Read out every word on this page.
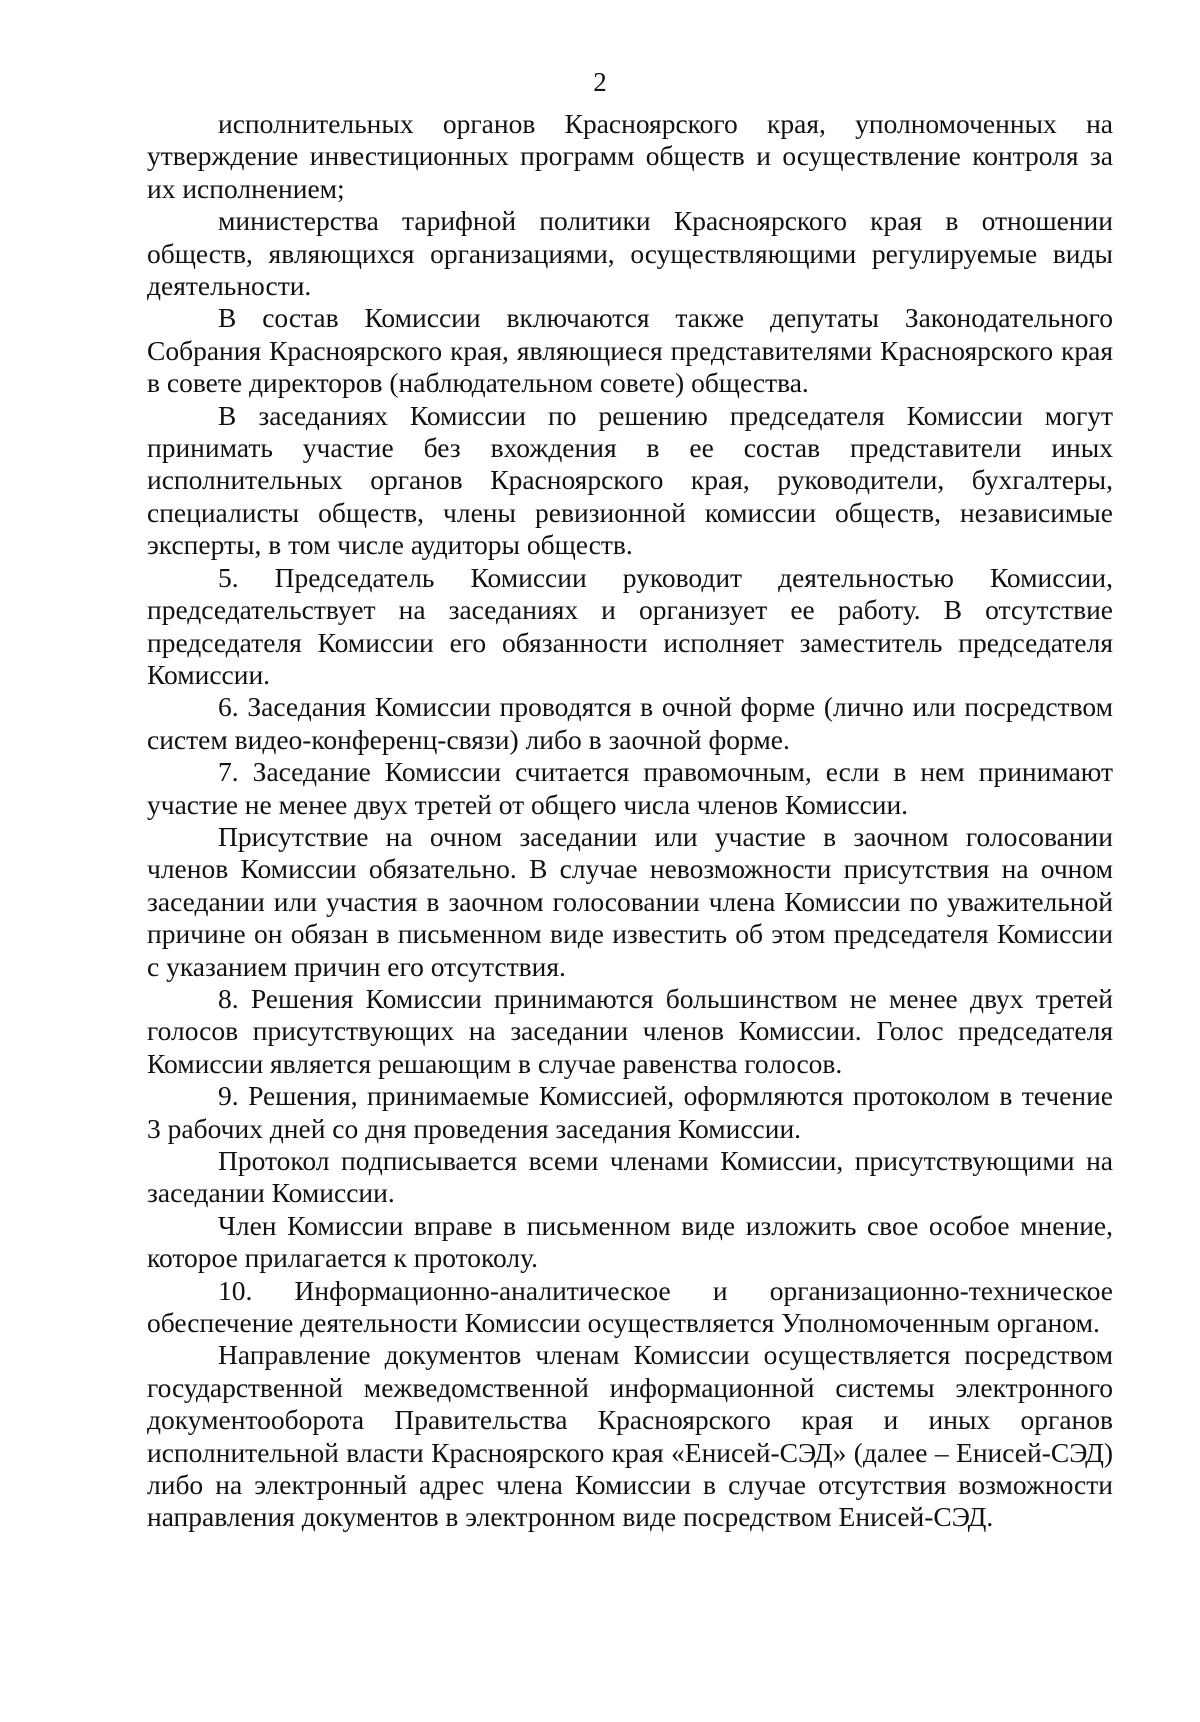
2

исполнительных органов Красноярского края, уполномоченных на утверждение инвестиционных программ обществ и осуществление контроля за их исполнением;

министерства тарифной политики Красноярского края в отношении обществ, являющихся организациями, осуществляющими регулируемые виды деятельности.

В состав Комиссии включаются также депутаты Законодательного Собрания Красноярского края, являющиеся представителями Красноярского края в совете директоров (наблюдательном совете) общества.

В заседаниях Комиссии по решению председателя Комиссии могут принимать участие без вхождения в ее состав представители иных исполнительных органов Красноярского края, руководители, бухгалтеры, специалисты обществ, члены ревизионной комиссии обществ, независимые эксперты, в том числе аудиторы обществ.

5. Председатель Комиссии руководит деятельностью Комиссии, председательствует на заседаниях и организует ее работу. В отсутствие председателя Комиссии его обязанности исполняет заместитель председателя Комиссии.

6. Заседания Комиссии проводятся в очной форме (лично или посредством систем видео-конференц-связи) либо в заочной форме.

7. Заседание Комиссии считается правомочным, если в нем принимают участие не менее двух третей от общего числа членов Комиссии.

Присутствие на очном заседании или участие в заочном голосовании членов Комиссии обязательно. В случае невозможности присутствия на очном заседании или участия в заочном голосовании члена Комиссии по уважительной причине он обязан в письменном виде известить об этом председателя Комиссии с указанием причин его отсутствия.

8. Решения Комиссии принимаются большинством не менее двух третей голосов присутствующих на заседании членов Комиссии. Голос председателя Комиссии является решающим в случае равенства голосов.

9. Решения, принимаемые Комиссией, оформляются протоколом в течение 3 рабочих дней со дня проведения заседания Комиссии.

Протокол подписывается всеми членами Комиссии, присутствующими на заседании Комиссии.

Член Комиссии вправе в письменном виде изложить свое особое мнение, которое прилагается к протоколу.

10. Информационно-аналитическое и организационно-техническое обеспечение деятельности Комиссии осуществляется Уполномоченным органом.

Направление документов членам Комиссии осуществляется посредством государственной межведомственной информационной системы электронного документооборота Правительства Красноярского края и иных органов исполнительной власти Красноярского края «Енисей-СЭД» (далее – Енисей-СЭД) либо на электронный адрес члена Комиссии в случае отсутствия возможности направления документов в электронном виде посредством Енисей-СЭД.
